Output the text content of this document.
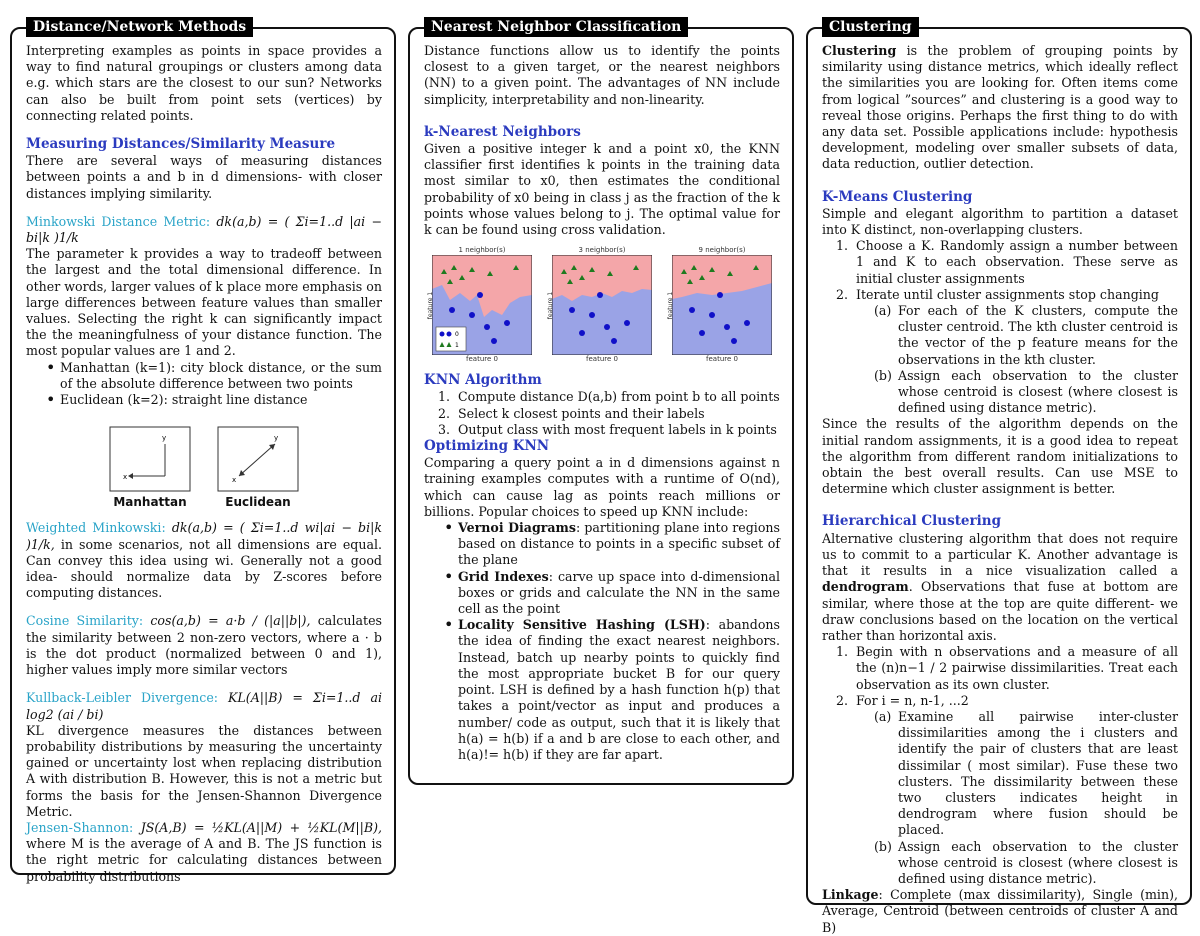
Distance/Network Methods

Interpreting examples as points in space provides a way to find natural groupings or clusters among data e.g. which stars are the closest to our sun? Networks can also be built from point sets (vertices) by connecting related points.

Measuring Distances/Similarity Measure

There are several ways of measuring distances between points a and b in d dimensions- with closer distances implying similarity.

Minkowski Distance Metric: dk(a,b) = ( Σi=1..d |ai − bi|k )1/k

The parameter k provides a way to tradeoff between the largest and the total dimensional difference. In other words, larger values of k place more emphasis on large differences between feature values than smaller values. Selecting the right k can significantly impact the the meaningfulness of your distance function. The most popular values are 1 and 2.

• Manhattan (k=1): city block distance, or the sum of the absolute difference between two points
• Euclidean (k=2): straight line distance
y
x
Manhattan
y
x
Euclidean

Weighted Minkowski: dk(a,b) = ( Σi=1..d wi|ai − bi|k )1/k, in some scenarios, not all dimensions are equal. Can convey this idea using wi. Generally not a good idea- should normalize data by Z-scores before computing distances.

Cosine Similarity: cos(a,b) = a·b / (|a||b|), calculates the similarity between 2 non-zero vectors, where a · b is the dot product (normalized between 0 and 1), higher values imply more similar vectors

Kullback-Leibler Divergence: KL(A||B) = Σi=1..d ai log2 (ai / bi)

KL divergence measures the distances between probability distributions by measuring the uncertainty gained or uncertainty lost when replacing distribution A with distribution B. However, this is not a metric but forms the basis for the Jensen-Shannon Divergence Metric.

Jensen-Shannon: JS(A,B) = ½KL(A||M) + ½KL(M||B), where M is the average of A and B. The JS function is the right metric for calculating distances between probability distributions

Nearest Neighbor Classification

Distance functions allow us to identify the points closest to a given target, or the nearest neighbors (NN) to a given point. The advantages of NN include simplicity, interpretability and non-linearity.

k-Nearest Neighbors

Given a positive integer k and a point x0, the KNN classifier first identifies k points in the training data most similar to x0, then estimates the conditional probability of x0 being in class j as the fraction of the k points whose values belong to j. The optimal value for k can be found using cross validation.

1 neighbor(s)
0
1
feature 0
feature 1
3 neighbor(s)
feature 0
feature 1
9 neighbor(s)
feature 0
feature 1
KNN Algorithm
1. Compute distance D(a,b) from point b to all points
2. Select k closest points and their labels
3. Output class with most frequent labels in k points
Optimizing KNN

Comparing a query point a in d dimensions against n training examples computes with a runtime of O(nd), which can cause lag as points reach millions or billions. Popular choices to speed up KNN include:

• Vernoi Diagrams: partitioning plane into regions based on distance to points in a specific subset of the plane
• Grid Indexes: carve up space into d-dimensional boxes or grids and calculate the NN in the same cell as the point
• Locality Sensitive Hashing (LSH): abandons the idea of finding the exact nearest neighbors. Instead, batch up nearby points to quickly find the most appropriate bucket B for our query point. LSH is defined by a hash function h(p) that takes a point/vector as input and produces a number/ code as output, such that it is likely that h(a) = h(b) if a and b are close to each other, and h(a)!= h(b) if they are far apart.
Clustering

Clustering is the problem of grouping points by similarity using distance metrics, which ideally reflect the similarities you are looking for. Often items come from logical ”sources” and clustering is a good way to reveal those origins. Perhaps the first thing to do with any data set. Possible applications include: hypothesis development, modeling over smaller subsets of data, data reduction, outlier detection.

K-Means Clustering

Simple and elegant algorithm to partition a dataset into K distinct, non-overlapping clusters.

1. Choose a K. Randomly assign a number between 1 and K to each observation. These serve as initial cluster assignments
2. Iterate until cluster assignments stop changing
(a) For each of the K clusters, compute the cluster centroid. The kth cluster centroid is the vector of the p feature means for the observations in the kth cluster.
(b) Assign each observation to the cluster whose centroid is closest (where closest is defined using distance metric).

Since the results of the algorithm depends on the initial random assignments, it is a good idea to repeat the algorithm from different random initializations to obtain the best overall results. Can use MSE to determine which cluster assignment is better.

Hierarchical Clustering

Alternative clustering algorithm that does not require us to commit to a particular K. Another advantage is that it results in a nice visualization called a dendrogram. Observations that fuse at bottom are similar, where those at the top are quite different- we draw conclusions based on the location on the vertical rather than horizontal axis.

1. Begin with n observations and a measure of all the (n)n−1 / 2 pairwise dissimilarities. Treat each observation as its own cluster.
2. For i = n, n-1, ...2
(a) Examine all pairwise inter-cluster dissimilarities among the i clusters and identify the pair of clusters that are least dissimilar ( most similar). Fuse these two clusters. The dissimilarity between these two clusters indicates height in dendrogram where fusion should be placed.
(b) Assign each observation to the cluster whose centroid is closest (where closest is defined using distance metric).

Linkage: Complete (max dissimilarity), Single (min), Average, Centroid (between centroids of cluster A and B)
